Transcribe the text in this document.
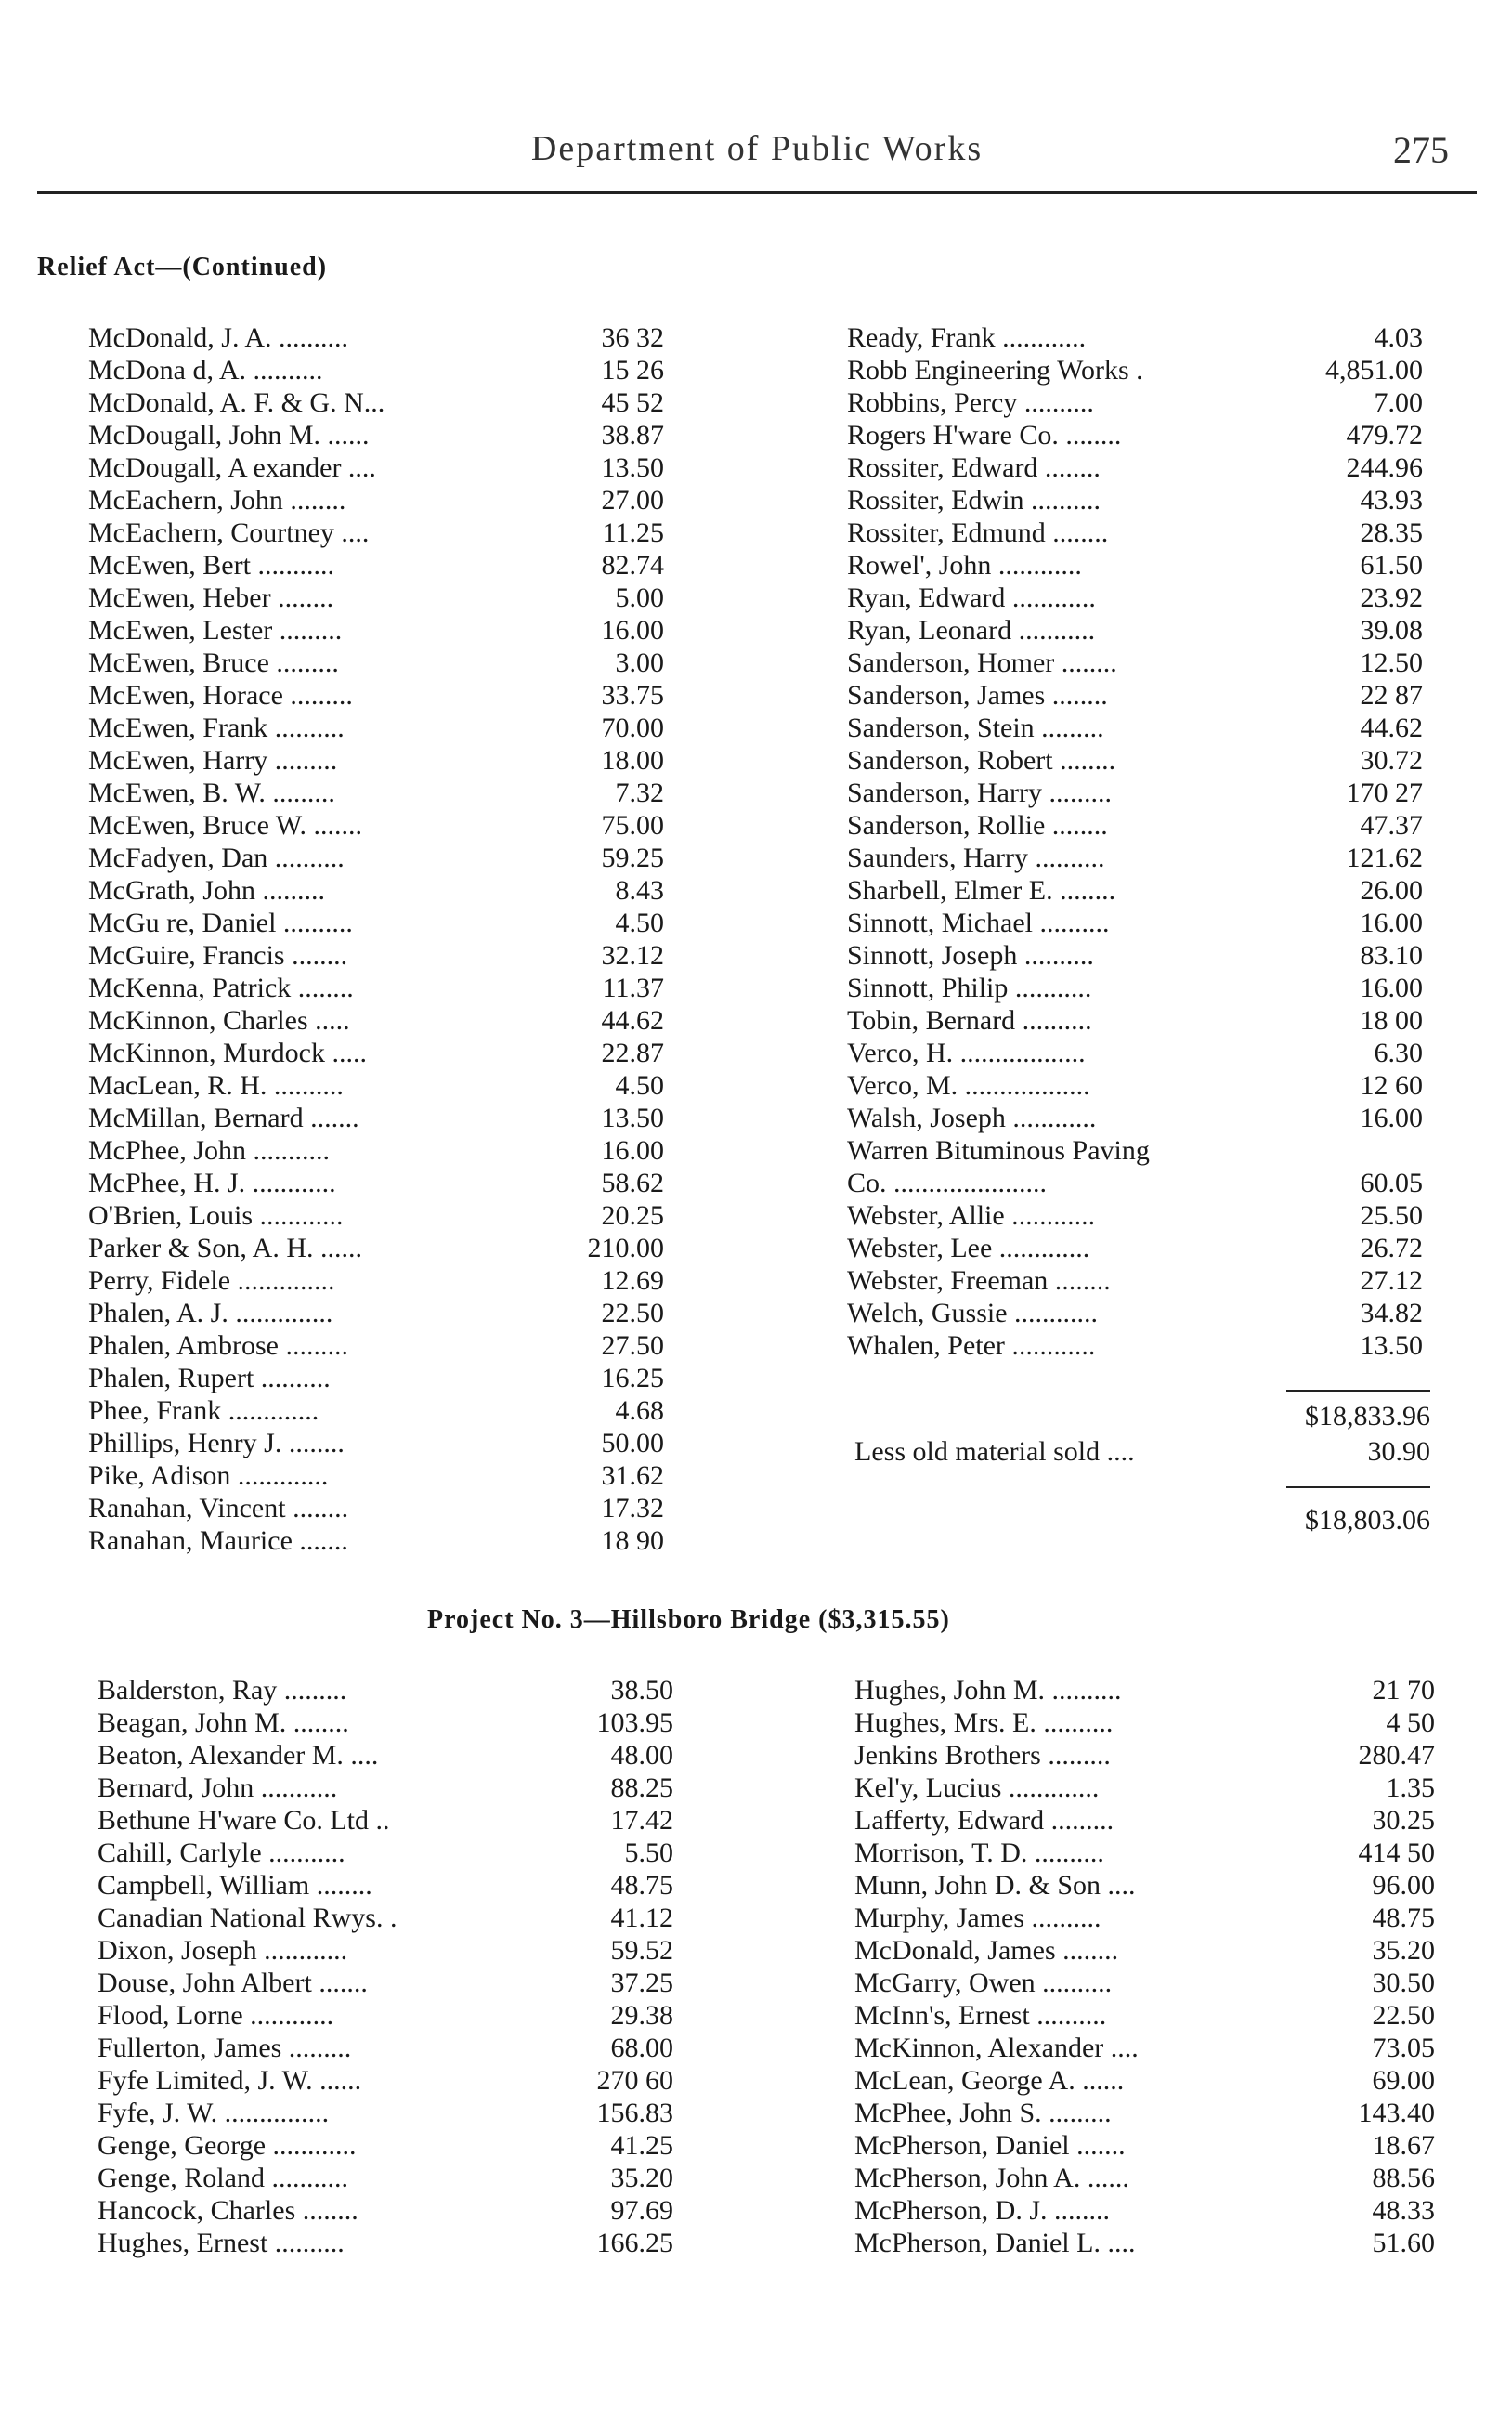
Department of Public Works	275
Relief Act—(Continued)
McDonald, J. A. ..........	36 32
McDona d, A. ..........	15 26
McDonald, A. F. & G. N...	45 52
McDougall, John M. ......	38.87
McDougall, A exander ....	13.50
McEachern, John ........	27.00
McEachern, Courtney ....	11.25
McEwen, Bert ...........	82.74
McEwen, Heber ........	5.00
McEwen, Lester .........	16.00
McEwen, Bruce .........	3.00
McEwen, Horace .........	33.75
McEwen, Frank ..........	70.00
McEwen, Harry .........	18.00
McEwen, B. W. .........	7.32
McEwen, Bruce W. .......	75.00
McFadyen, Dan ..........	59.25
McGrath, John .........	8.43
McGu re, Daniel ..........	4.50
McGuire, Francis ........	32.12
McKenna, Patrick ........	11.37
McKinnon, Charles .....	44.62
McKinnon, Murdock .....	22.87
MacLean, R. H. ..........	4.50
McMillan, Bernard .......	13.50
McPhee, John ...........	16.00
McPhee, H. J. ............	58.62
O'Brien, Louis ............	20.25
Parker & Son, A. H. ......	210.00
Perry, Fidele ..............	12.69
Phalen, A. J. ..............	22.50
Phalen, Ambrose .........	27.50
Phalen, Rupert ..........	16.25
Phee, Frank .............	4.68
Phillips, Henry J. ........	50.00
Pike, Adison .............	31.62
Ranahan, Vincent ........	17.32
Ranahan, Maurice .......	18 90
Ready, Frank ............	4.03
Robb Engineering Works .	4,851.00
Robbins, Percy ..........	7.00
Rogers H'ware Co. ........	479.72
Rossiter, Edward ........	244.96
Rossiter, Edwin ..........	43.93
Rossiter, Edmund ........	28.35
Rowel', John ............	61.50
Ryan, Edward ............	23.92
Ryan, Leonard ...........	39.08
Sanderson, Homer ........	12.50
Sanderson, James ........	22 87
Sanderson, Stein .........	44.62
Sanderson, Robert ........	30.72
Sanderson, Harry .........	170 27
Sanderson, Rollie ........	47.37
Saunders, Harry ..........	121.62
Sharbell, Elmer E. ........	26.00
Sinnott, Michael ..........	16.00
Sinnott, Joseph ..........	83.10
Sinnott, Philip ...........	16.00
Tobin, Bernard ..........	18 00
Verco, H. ..................	6.30
Verco, M. ..................	12 60
Walsh, Joseph ............	16.00
Warren Bituminous Paving
Co. ......................	60.05
Webster, Allie ............	25.50
Webster, Lee .............	26.72
Webster, Freeman ........	27.12
Welch, Gussie ............	34.82
Whalen, Peter ............	13.50
$18,833.96
Less old material sold ....	30.90
$18,803.06
Project No. 3—Hillsboro Bridge ($3,315.55)
Balderston, Ray .........	38.50
Beagan, John M. ........	103.95
Beaton, Alexander M. ....	48.00
Bernard, John ...........	88.25
Bethune H'ware Co. Ltd ..	17.42
Cahill, Carlyle ...........	5.50
Campbell, William ........	48.75
Canadian National Rwys. .	41.12
Dixon, Joseph ............	59.52
Douse, John Albert .......	37.25
Flood, Lorne ............	29.38
Fullerton, James .........	68.00
Fyfe Limited, J. W. ......	270 60
Fyfe, J. W. ...............	156.83
Genge, George ............	41.25
Genge, Roland ...........	35.20
Hancock, Charles ........	97.69
Hughes, Ernest ..........	166.25
Hughes, John M. ..........	21 70
Hughes, Mrs. E. ..........	4 50
Jenkins Brothers .........	280.47
Kel'y, Lucius .............	1.35
Lafferty, Edward .........	30.25
Morrison, T. D. ..........	414 50
Munn, John D. & Son ....	96.00
Murphy, James ..........	48.75
McDonald, James ........	35.20
McGarry, Owen ..........	30.50
McInn's, Ernest ..........	22.50
McKinnon, Alexander ....	73.05
McLean, George A. ......	69.00
McPhee, John S. .........	143.40
McPherson, Daniel .......	18.67
McPherson, John A. ......	88.56
McPherson, D. J. ........	48.33
McPherson, Daniel L. ....	51.60
